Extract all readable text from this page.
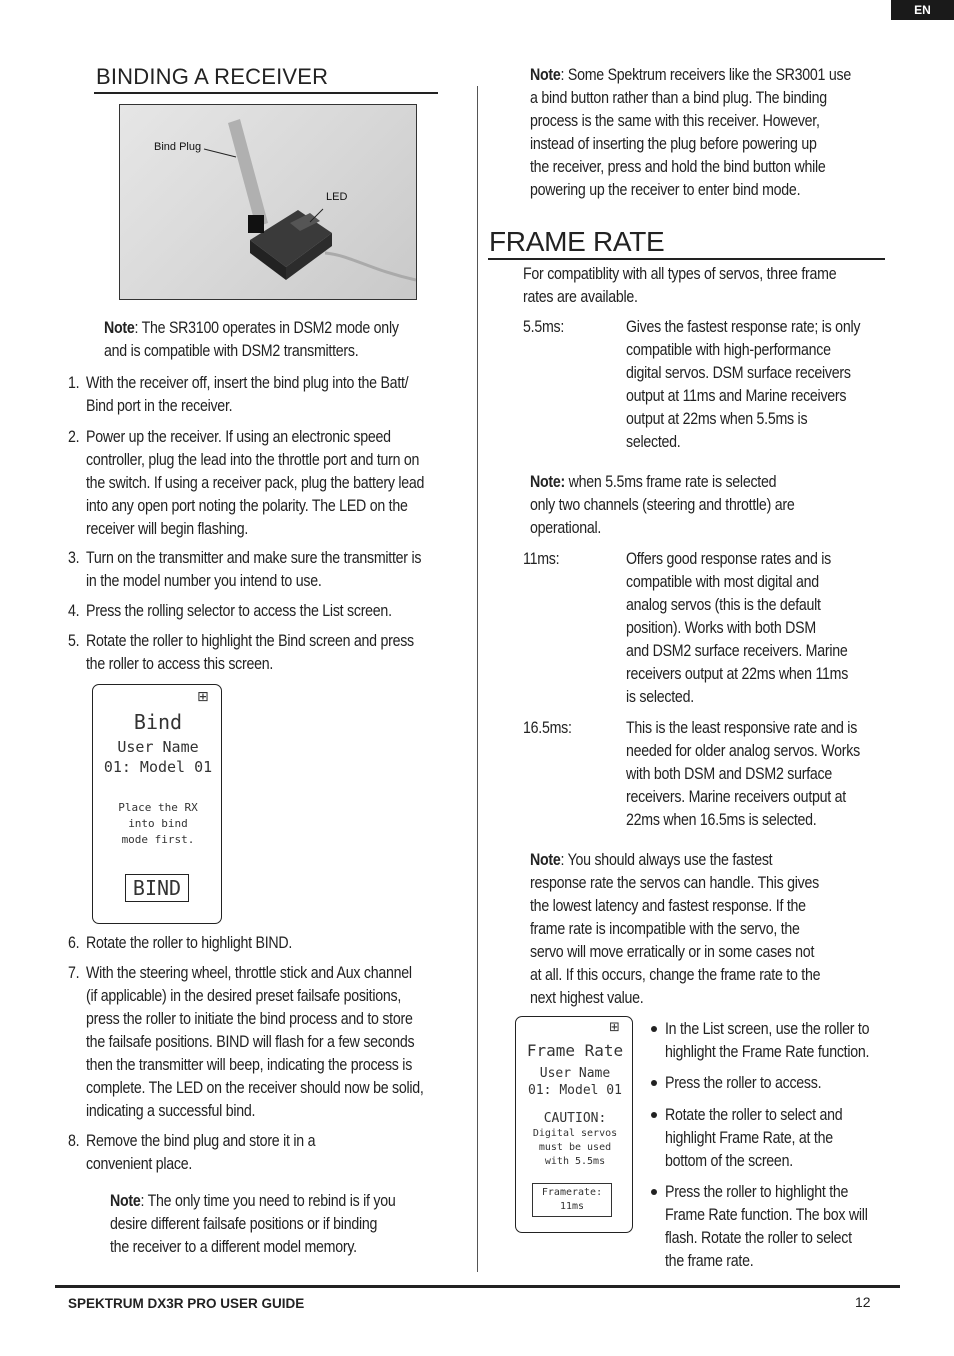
EN
BINDING A RECEIVER
Bind Plug
LED
Note: The SR3100 operates in DSM2 mode only
and is compatible with DSM2 transmitters.
1. With the receiver off, insert the bind plug into the Batt/
Bind port in the receiver.
2. Power up the receiver. If using an electronic speed
controller, plug the lead into the throttle port and turn on
the switch. If using a receiver pack, plug the battery lead
into any open port noting the polarity. The LED on the
receiver will begin flashing.
3. Turn on the transmitter and make sure the transmitter is
in the model number you intend to use.
4. Press the rolling selector to access the List screen.
5. Rotate the roller to highlight the Bind screen and press
the roller to access this screen.
⊞
Bind
User Name
01: Model 01
Place the RX
into bind
mode first.
BIND
6. Rotate the roller to highlight BIND.
7. With the steering wheel, throttle stick and Aux channel
(if applicable) in the desired preset failsafe positions,
press the roller to initiate the bind process and to store
the failsafe positions. BIND will flash for a few seconds
then the transmitter will beep, indicating the process is
complete. The LED on the receiver should now be solid,
indicating a successful bind.
8. Remove the bind plug and store it in a
convenient place.
Note: The only time you need to rebind is if you
desire different failsafe positions or if binding
the receiver to a different model memory.
Note: Some Spektrum receivers like the SR3001 use
a bind button rather than a bind plug. The binding
process is the same with this receiver. However,
instead of inserting the plug before powering up
the receiver, press and hold the bind button while
powering up the receiver to enter bind mode.
FRAME RATE
For compatiblity with all types of servos, three frame
rates are available.
5.5ms:	Gives the fastest response rate; is only
compatible with high-performance
digital servos. DSM surface receivers
output at 11ms and Marine receivers
output at 22ms when 5.5ms is
selected.
11ms:	Offers good response rates and is
compatible with most digital and
analog servos (this is the default
position). Works with both DSM
and DSM2 surface receivers. Marine
receivers output at 22ms when 11ms
is selected.
16.5ms:	This is the least responsive rate and is
needed for older analog servos. Works
with both DSM and DSM2 surface
receivers. Marine receivers output at
22ms when 16.5ms is selected.
Note: when 5.5ms frame rate is selected
only two channels (steering and throttle) are
operational.
Note: You should always use the fastest
response rate the servos can handle. This gives
the lowest latency and fastest response. If the
frame rate is incompatible with the servo, the
servo will move erratically or in some cases not
at all. If this occurs, change the frame rate to the
next highest value.
⊞
Frame Rate
User Name
01: Model 01
CAUTION:
Digital servos
must be used
with 5.5ms
Framerate:
11ms
In the List screen, use the roller to
highlight the Frame Rate function.
Press the roller to access.
Rotate the roller to select and
highlight Frame Rate, at the
bottom of the screen.
Press the roller to highlight the
Frame Rate function. The box will
flash. Rotate the roller to select
the frame rate.
SPEKTRUM DX3R PRO USER GUIDE	12
